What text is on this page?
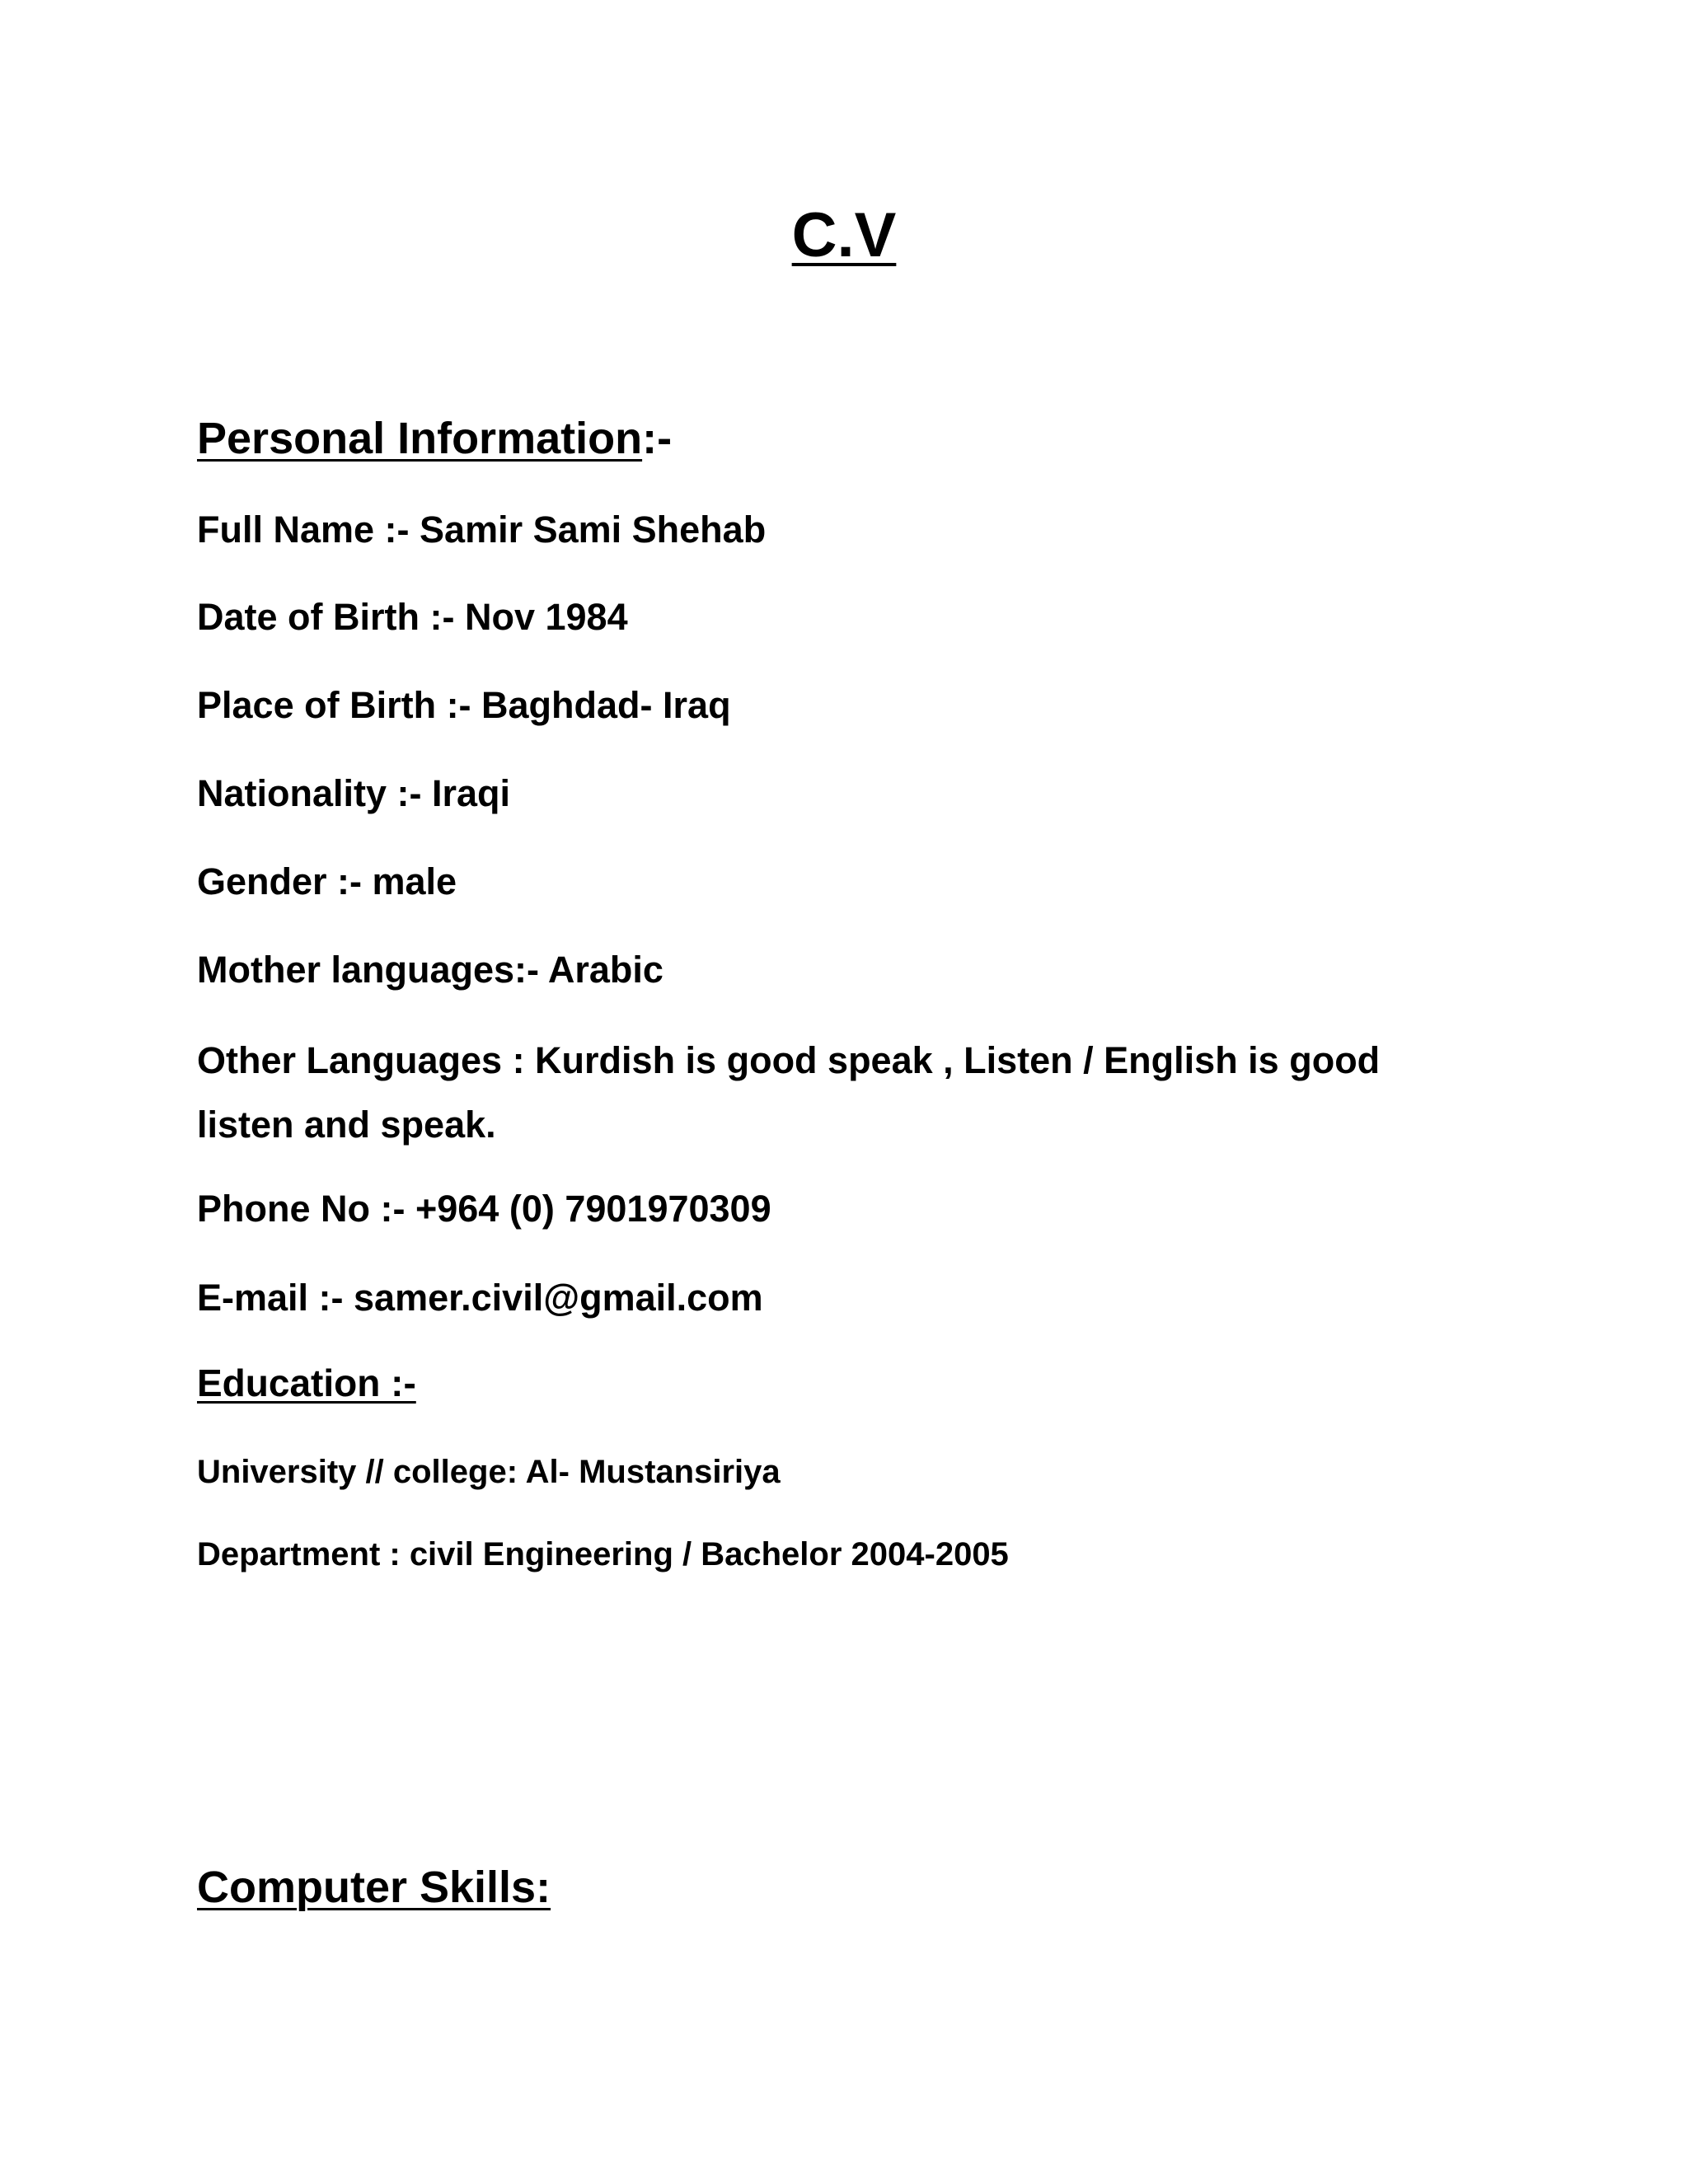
C.V
Personal Information:-
Full Name :- Samir Sami Shehab
Date of Birth :- Nov 1984
Place of Birth :- Baghdad- Iraq
Nationality :- Iraqi
Gender :- male
Mother languages:- Arabic
Other Languages : Kurdish is good speak , Listen / English is good listen and speak.
Phone No :- +964 (0) 7901970309
E-mail :- samer.civil@gmail.com
Education :-
University // college: Al- Mustansiriya
Department : civil Engineering / Bachelor 2004-2005
Computer Skills:
